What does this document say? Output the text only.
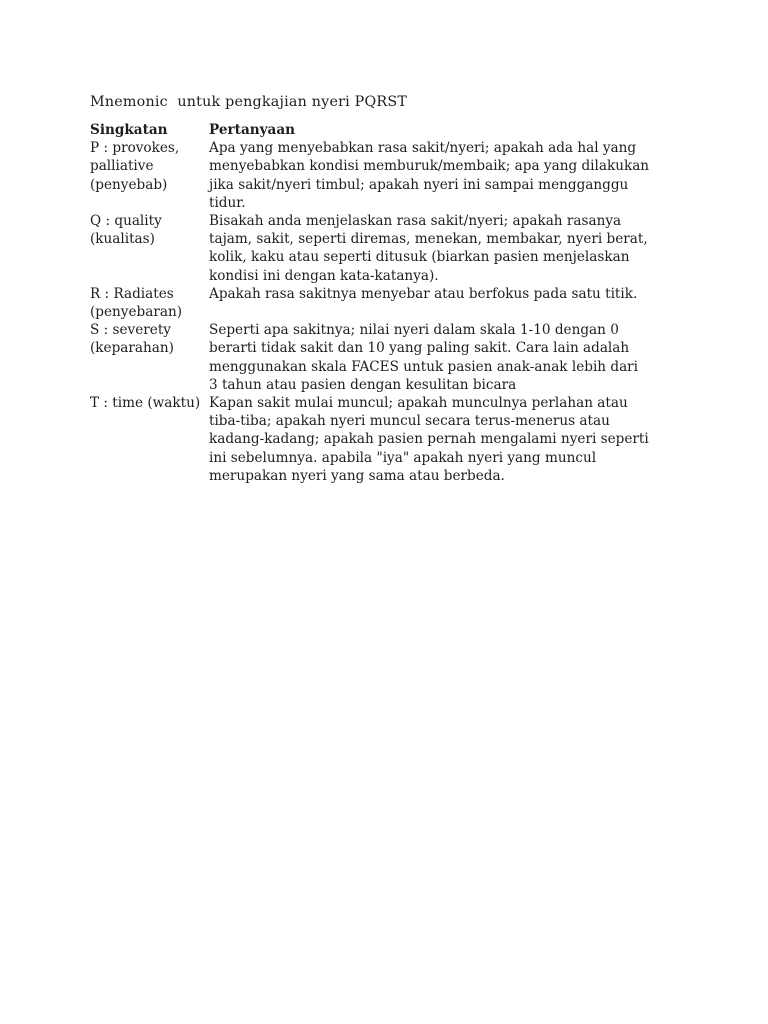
Mnemonic  untuk pengkajian nyeri PQRST
Singkatan	Pertanyaan
P : provokes,
palliative
(penyebab)	Apa yang menyebabkan rasa sakit/nyeri; apakah ada hal yang menyebabkan kondisi memburuk/membaik; apa yang dilakukan jika sakit/nyeri timbul; apakah nyeri ini sampai mengganggu tidur.
Q : quality
(kualitas)	Bisakah anda menjelaskan rasa sakit/nyeri; apakah rasanya tajam, sakit, seperti diremas, menekan, membakar, nyeri berat, kolik, kaku atau seperti ditusuk (biarkan pasien menjelaskan kondisi ini dengan kata-katanya).
R : Radiates
(penyebaran)	Apakah rasa sakitnya menyebar atau berfokus pada satu titik.
S : severety
(keparahan)	Seperti apa sakitnya; nilai nyeri dalam skala 1-10 dengan 0 berarti tidak sakit dan 10 yang paling sakit. Cara lain adalah menggunakan skala FACES untuk pasien anak-anak lebih dari 3 tahun atau pasien dengan kesulitan bicara
T : time (waktu)	Kapan sakit mulai muncul; apakah munculnya perlahan atau tiba-tiba; apakah nyeri muncul secara terus-menerus atau kadang-kadang; apakah pasien pernah mengalami nyeri seperti ini sebelumnya. apabila "iya" apakah nyeri yang muncul merupakan nyeri yang sama atau berbeda.
